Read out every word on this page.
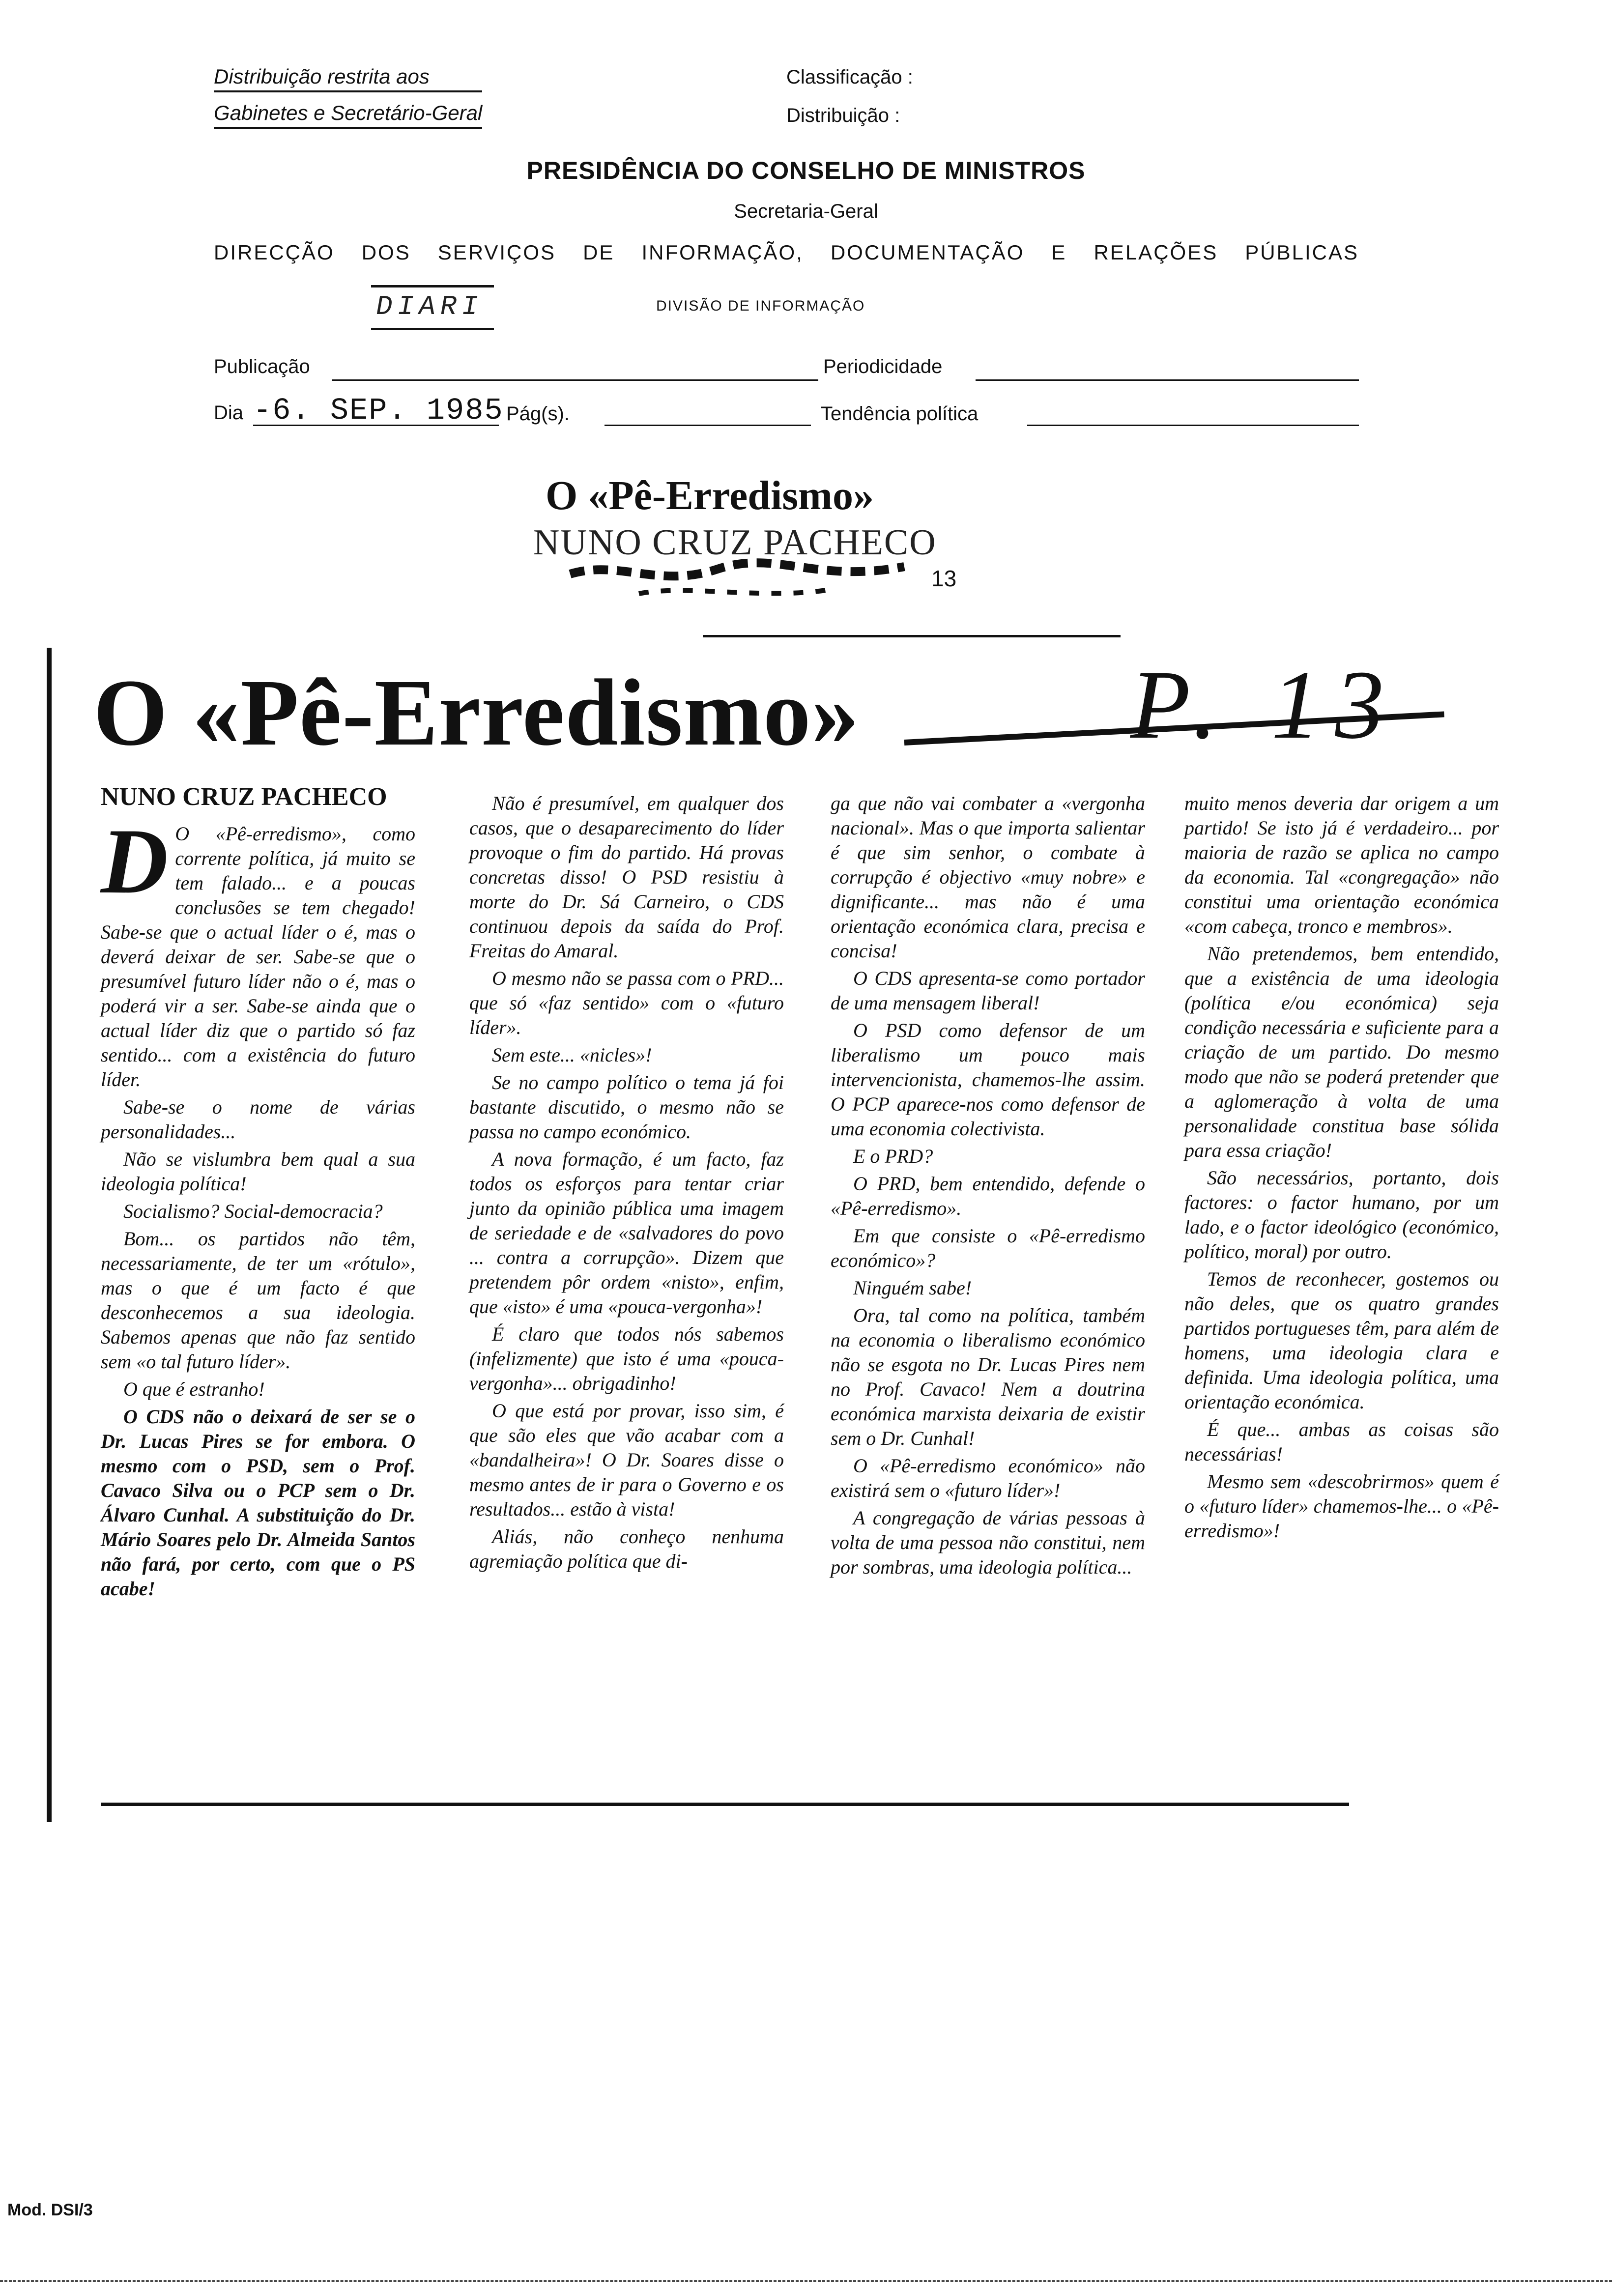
Distribuição restrita aos
Gabinetes e Secretário-Geral
Classificação :
Distribuição :
PRESIDÊNCIA DO CONSELHO DE MINISTROS
Secretaria-Geral
DIRECÇÃO DOS SERVIÇOS DE INFORMAÇÃO, DOCUMENTAÇÃO E RELAÇÕES PÚBLICAS
DIARI	DIVISÃO DE INFORMAÇÃO
Publicação	Periodicidade
Dia -6. SEP. 1985 Pág(s).	Tendência política
O «Pê-Erredismo»
NUNO CRUZ PACHECO
13
O «Pê-Erredismo»	P. 13
NUNO CRUZ PACHECO
D O «Pê-erredismo», como corrente política, já muito se tem falado... e a poucas conclusões se tem chegado! Sabe-se que o actual líder o é, mas o deverá deixar de ser. Sabe-se que o presumível futuro líder não o é, mas o poderá vir a ser. Sabe-se ainda que o actual líder diz que o partido só faz sentido... com a existência do futuro líder.

Sabe-se o nome de várias personalidades...

Não se vislumbra bem qual a sua ideologia política!

Socialismo? Social-democracia?

Bom... os partidos não têm, necessariamente, de ter um «rótulo», mas o que é um facto é que desconhecemos a sua ideologia. Sabemos apenas que não faz sentido sem «o tal futuro líder».

O que é estranho!

O CDS não o deixará de ser se o Dr. Lucas Pires se for embora. O mesmo com o PSD, sem o Prof. Cavaco Silva ou o PCP sem o Dr. Álvaro Cunhal. A substituição do Dr. Mário Soares pelo Dr. Almeida Santos não fará, por certo, com que o PS acabe!

Não é presumível, em qualquer dos casos, que o desaparecimento do líder provoque o fim do partido. Há provas concretas disso! O PSD resistiu à morte do Dr. Sá Carneiro, o CDS continuou depois da saída do Prof. Freitas do Amaral.

O mesmo não se passa com o PRD... que só «faz sentido» com o «futuro líder».

Sem este... «nicles»!

Se no campo político o tema já foi bastante discutido, o mesmo não se passa no campo económico.

A nova formação, é um facto, faz todos os esforços para tentar criar junto da opinião pública uma imagem de seriedade e de «salvadores do povo ... contra a corrupção». Dizem que pretendem pôr ordem «nisto», enfim, que «isto» é uma «pouca-vergonha»!

É claro que todos nós sabemos (infelizmente) que isto é uma «pouca-vergonha»... obrigadinho!

O que está por provar, isso sim, é que são eles que vão acabar com a «bandalheira»! O Dr. Soares disse o mesmo antes de ir para o Governo e os resultados... estão à vista!

Aliás, não conheço nenhuma agremiação política que di-

ga que não vai combater a «vergonha nacional». Mas o que importa salientar é que sim senhor, o combate à corrupção é objectivo «muy nobre» e dignificante... mas não é uma orientação económica clara, precisa e concisa!

O CDS apresenta-se como portador de uma mensagem liberal!

O PSD como defensor de um liberalismo um pouco mais intervencionista, chamemos-lhe assim. O PCP aparece-nos como defensor de uma economia colectivista.

E o PRD?

O PRD, bem entendido, defende o «Pê-erredismo».

Em que consiste o «Pê-erredismo económico»?

Ninguém sabe!

Ora, tal como na política, também na economia o liberalismo económico não se esgota no Dr. Lucas Pires nem no Prof. Cavaco! Nem a doutrina económica marxista deixaria de existir sem o Dr. Cunhal!

O «Pê-erredismo económico» não existirá sem o «futuro líder»!

A congregação de várias pessoas à volta de uma pessoa não constitui, nem por sombras, uma ideologia política...

muito menos deveria dar origem a um partido! Se isto já é verdadeiro... por maioria de razão se aplica no campo da economia. Tal «congregação» não constitui uma orientação económica «com cabeça, tronco e membros».

Não pretendemos, bem entendido, que a existência de uma ideologia (política e/ou económica) seja condição necessária e suficiente para a criação de um partido. Do mesmo modo que não se poderá pretender que a aglomeração à volta de uma personalidade constitua base sólida para essa criação!

São necessários, portanto, dois factores: o factor humano, por um lado, e o factor ideológico (económico, político, moral) por outro.

Temos de reconhecer, gostemos ou não deles, que os quatro grandes partidos portugueses têm, para além de homens, uma ideologia clara e definida. Uma ideologia política, uma orientação económica.

É que... ambas as coisas são necessárias!

Mesmo sem «descobrirmos» quem é o «futuro líder» chamemos-lhe... o «Pê-erredismo»!

Mod. DSI/3
